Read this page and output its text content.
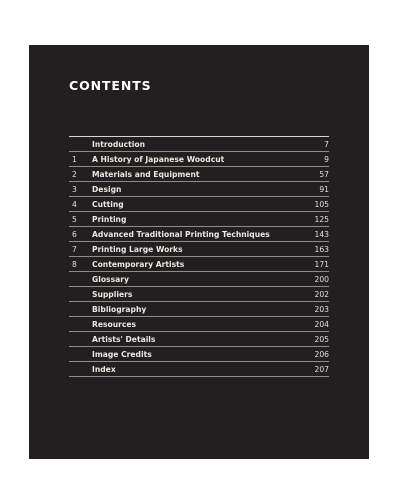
CONTENTS
Introduction	7
1	A History of Japanese Woodcut	9
2	Materials and Equipment	57
3	Design	91
4	Cutting	105
5	Printing	125
6	Advanced Traditional Printing Techniques	143
7	Printing Large Works	163
8	Contemporary Artists	171
Glossary	200
Suppliers	202
Bibliography	203
Resources	204
Artists' Details	205
Image Credits	206
Index	207
